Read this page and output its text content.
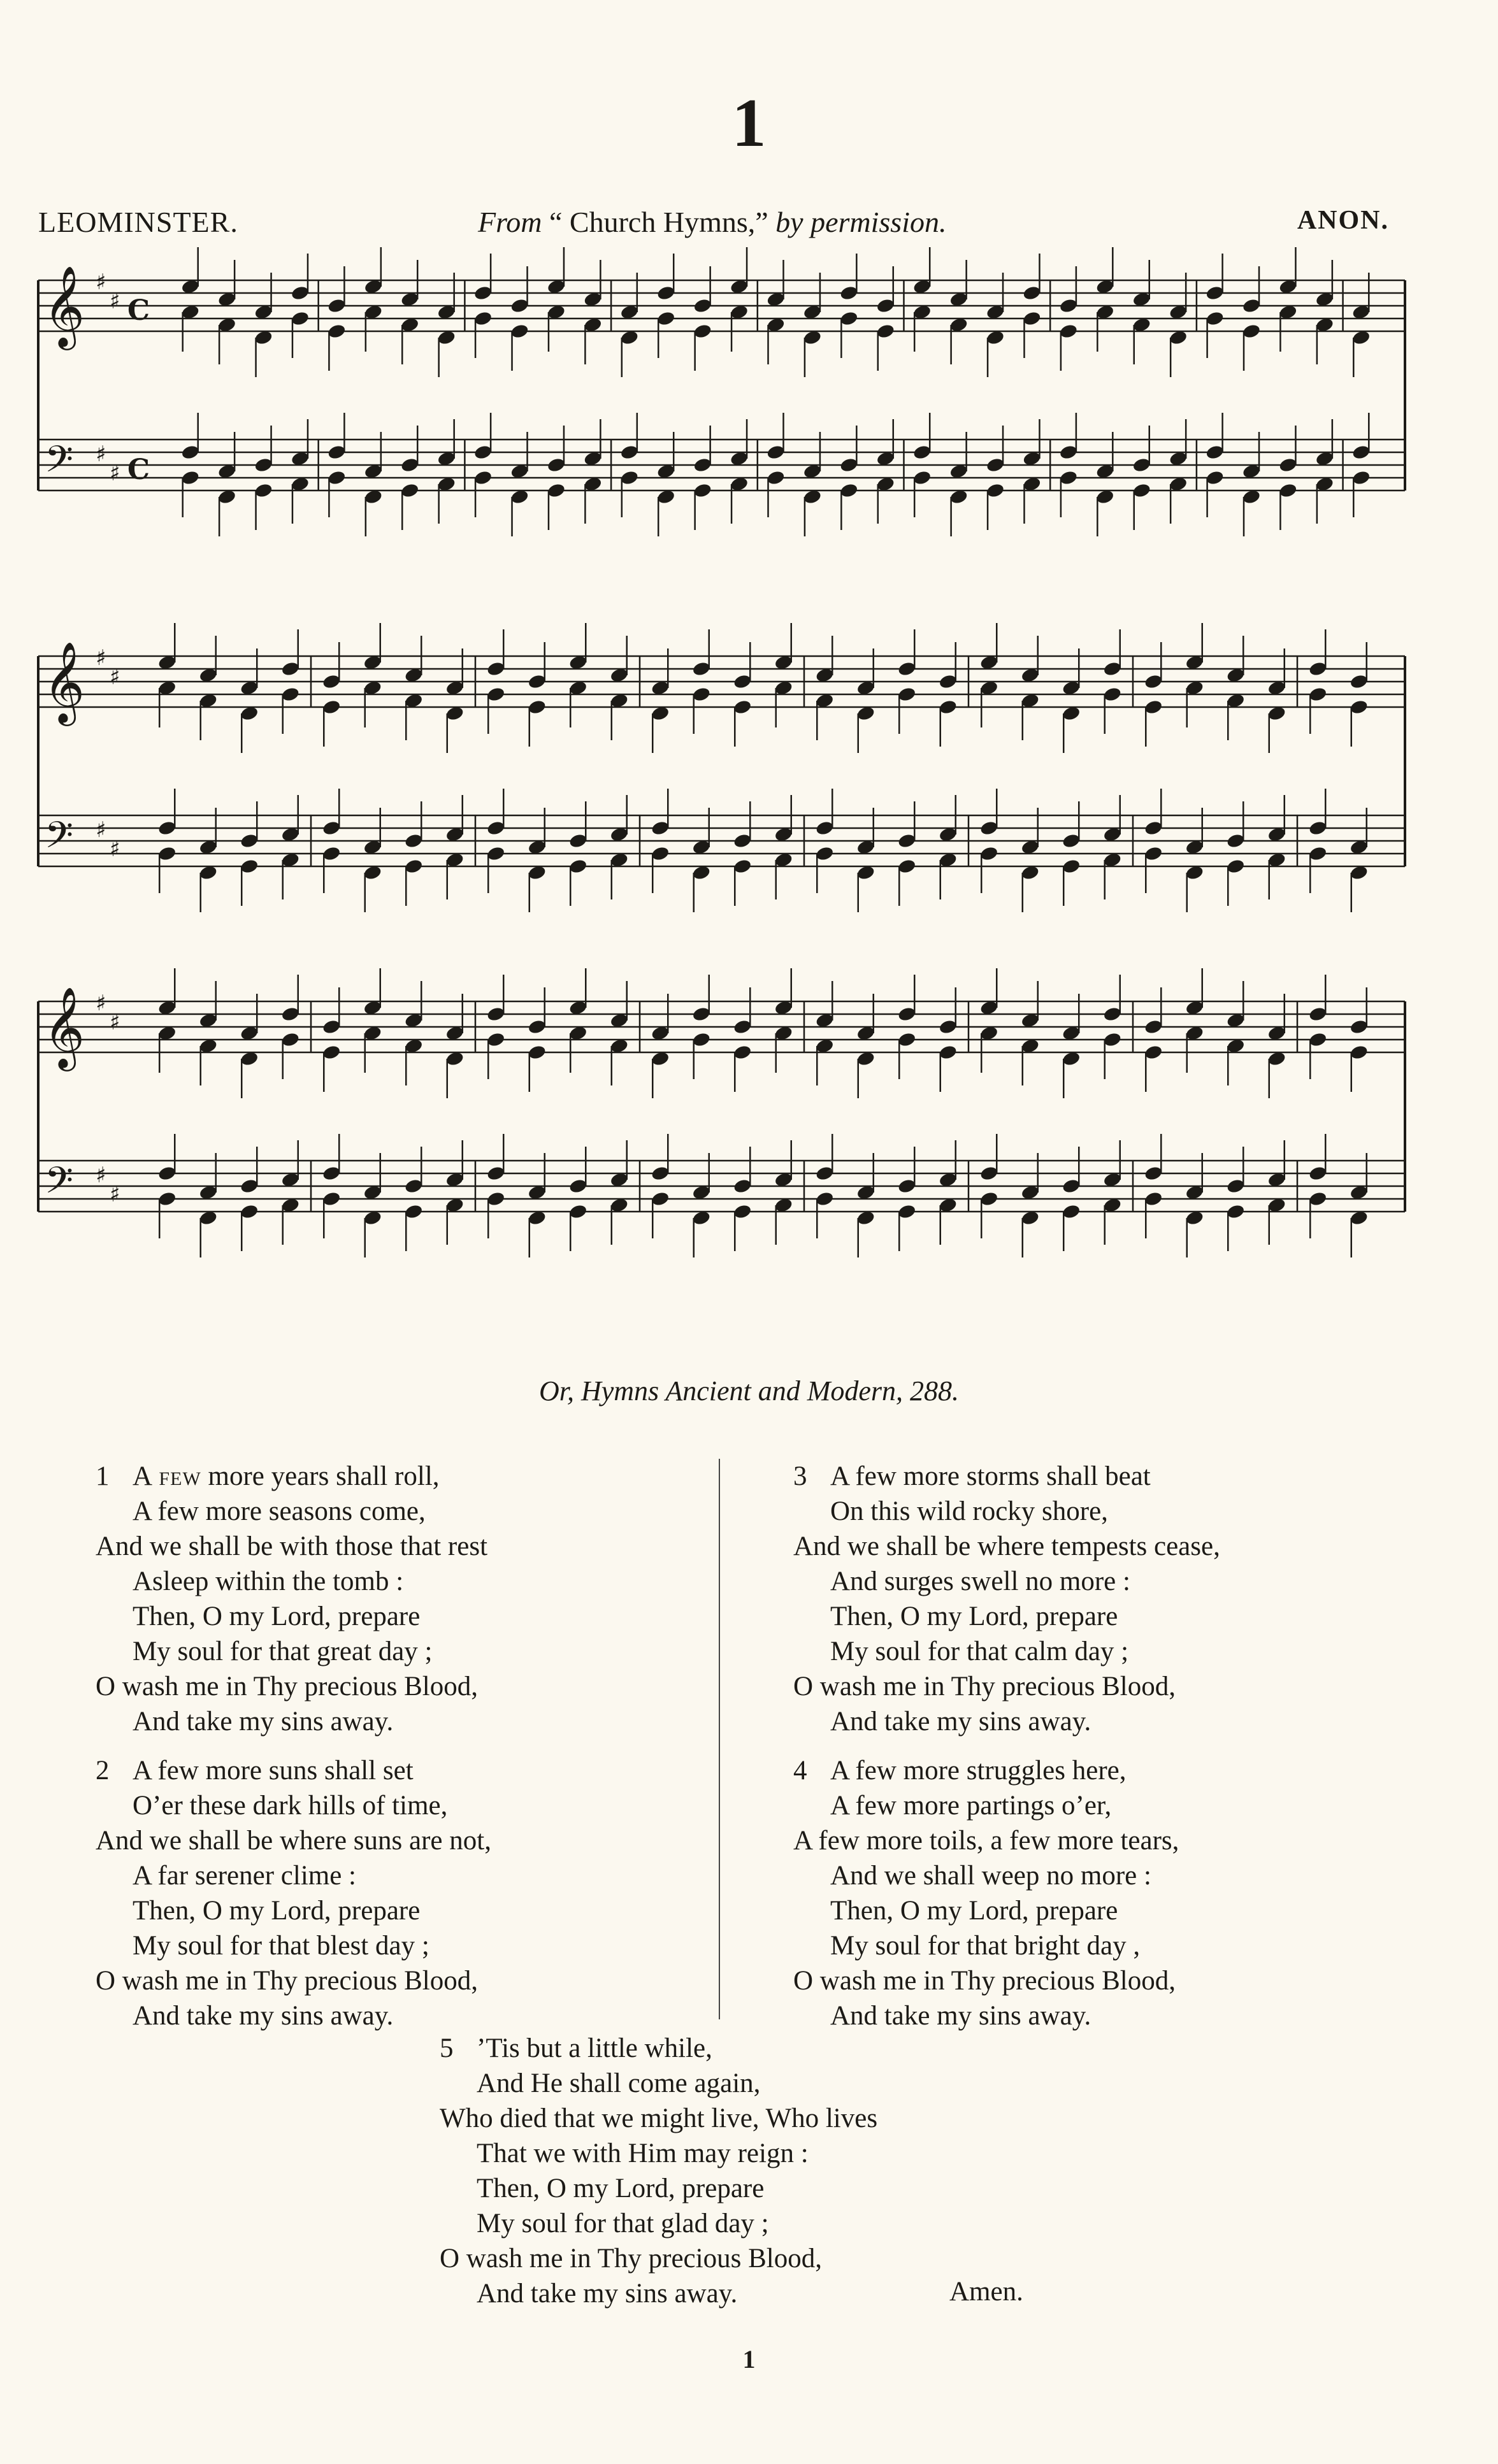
1
LEOMINSTER.	From “ Church Hymns,” by permission.	ANON.
𝄞 ♯
♯ C
𝄢 ♯
♯ C
𝄞 ♯
♯
𝄢 ♯
♯
𝄞 ♯
♯
𝄢 ♯
♯
Or, Hymns Ancient and Modern, 288.
1 A few more years shall roll,
A few more seasons come,
And we shall be with those that rest
Asleep within the tomb :
Then, O my Lord, prepare
My soul for that great day ;
O wash me in Thy precious Blood,
And take my sins away.
2 A few more suns shall set
O’er these dark hills of time,
And we shall be where suns are not,
A far serener clime :
Then, O my Lord, prepare
My soul for that blest day ;
O wash me in Thy precious Blood,
And take my sins away.
3 A few more storms shall beat
On this wild rocky shore,
And we shall be where tempests cease,
And surges swell no more :
Then, O my Lord, prepare
My soul for that calm day ;
O wash me in Thy precious Blood,
And take my sins away.
4 A few more struggles here,
A few more partings o’er,
A few more toils, a few more tears,
And we shall weep no more :
Then, O my Lord, prepare
My soul for that bright day ,
O wash me in Thy precious Blood,
And take my sins away.
5 ’Tis but a little while,
And He shall come again,
Who died that we might live, Who lives
That we with Him may reign :
Then, O my Lord, prepare
My soul for that glad day ;
O wash me in Thy precious Blood,
And take my sins away.	Amen.
1
